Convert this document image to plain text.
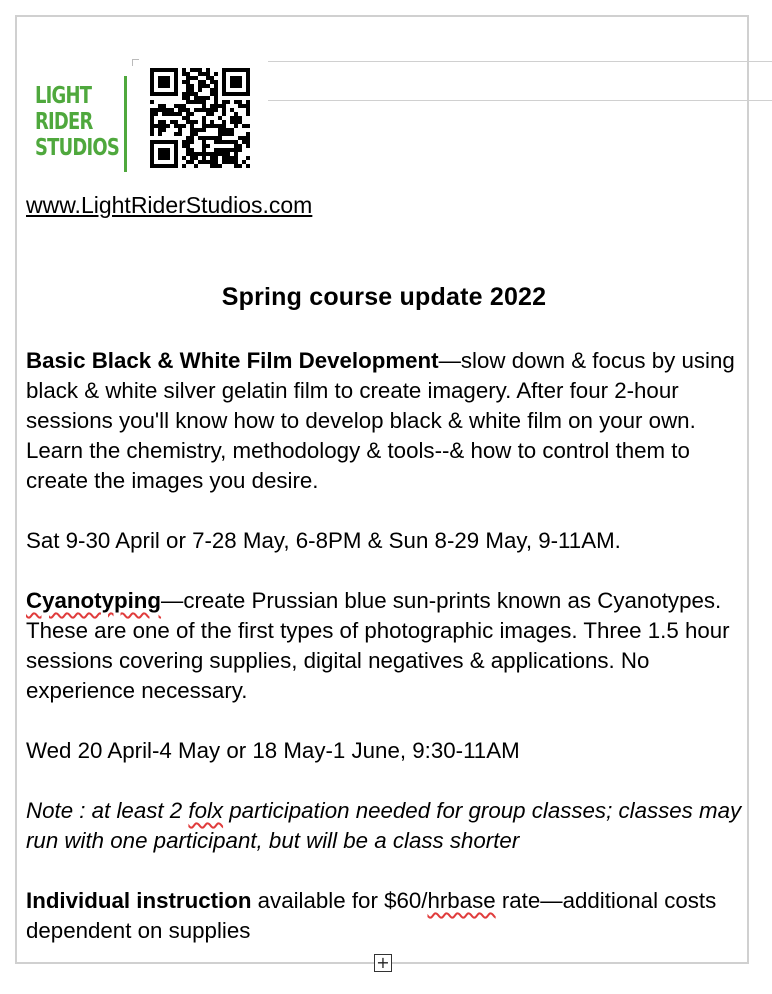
LIGHT
RIDER
STUDIOS
www.LightRiderStudios.com
Spring course update 2022

Basic Black & White Film Development—slow down & focus by using black & white silver gelatin film to create imagery. After four 2-hour sessions you'll know how to develop black & white film on your own. Learn the chemistry, methodology & tools--& how to control them to create the images you desire.

Sat 9-30 April or 7-28 May, 6-8PM & Sun 8-29 May, 9-11AM.

Cyanotyping—create Prussian blue sun-prints known as Cyanotypes. These are one of the first types of photographic images. Three 1.5 hour sessions covering supplies, digital negatives & applications. No experience necessary.

Wed 20 April-4 May or 18 May-1 June, 9:30-11AM

Note : at least 2 folx participation needed for group classes; classes may run with one participant, but will be a class shorter

Individual instruction available for $60/hrbase rate—additional costs dependent on supplies

+
